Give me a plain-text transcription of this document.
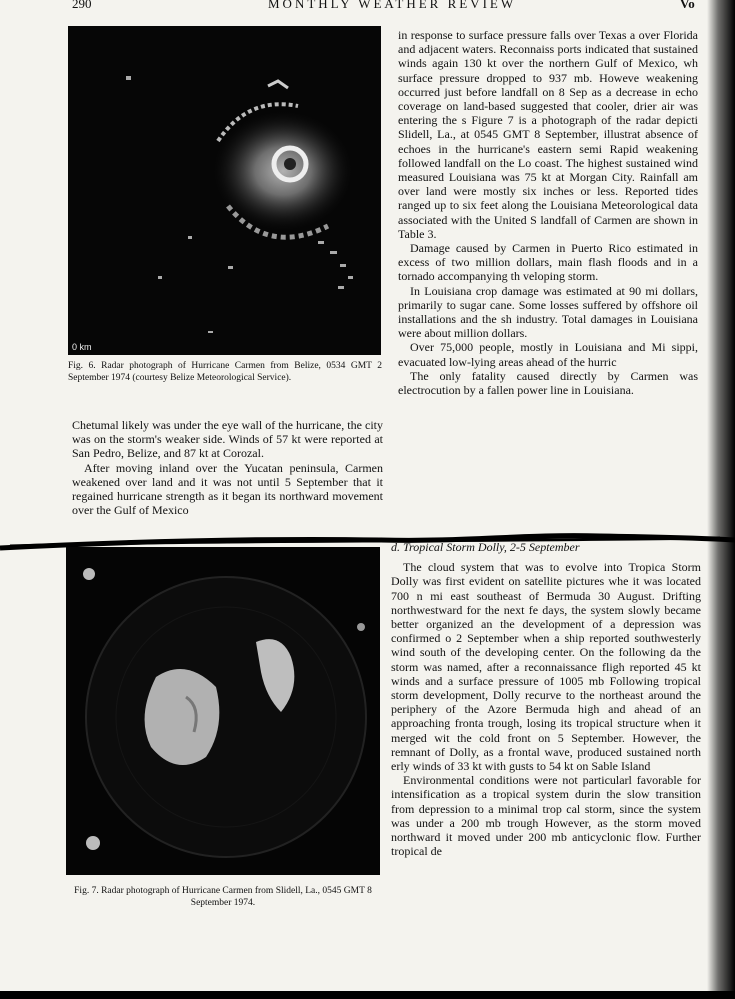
290	MONTHLY WEATHER REVIEW	Vo
0 km
Fig. 6. Radar photograph of Hurricane Carmen from Belize, 0534 GMT 2 September 1974 (courtesy Belize Meteorological Service).

Chetumal likely was under the eye wall of the hurricane, the city was on the storm's weaker side. Winds of 57 kt were reported at San Pedro, Belize, and 87 kt at Corozal.

After moving inland over the Yucatan peninsula, Carmen weakened over land and it was not until 5 September that it regained hurricane strength as it began its northward movement over the Gulf of Mexico

in response to surface pressure falls over Texas a over Florida and adjacent waters. Reconnaiss ports indicated that sustained winds again 130 kt over the northern Gulf of Mexico, wh surface pressure dropped to 937 mb. Howeve weakening occurred just before landfall on 8 Sep as a decrease in echo coverage on land-based suggested that cooler, drier air was entering the s Figure 7 is a photograph of the radar depicti Slidell, La., at 0545 GMT 8 September, illustrat absence of echoes in the hurricane's eastern semi Rapid weakening followed landfall on the Lo coast. The highest sustained wind measured Louisiana was 75 kt at Morgan City. Rainfall am over land were mostly six inches or less. Reported tides ranged up to six feet along the Louisiana Meteorological data associated with the United S landfall of Carmen are shown in Table 3.

Damage caused by Carmen in Puerto Rico estimated in excess of two million dollars, main flash floods and in a tornado accompanying th veloping storm.

In Louisiana crop damage was estimated at 90 mi dollars, primarily to sugar cane. Some losses suffered by offshore oil installations and the sh industry. Total damages in Louisiana were about million dollars.

Over 75,000 people, mostly in Louisiana and Mi sippi, evacuated low-lying areas ahead of the hurric

The only fatality caused directly by Carmen was electrocution by a fallen power line in Louisiana.

Fig. 7. Radar photograph of Hurricane Carmen from Slidell, La., 0545 GMT 8 September 1974.
d. Tropical Storm Dolly, 2-5 September

The cloud system that was to evolve into Tropica Storm Dolly was first evident on satellite pictures whe it was located 700 n mi east southeast of Bermuda 30 August. Drifting northwestward for the next fe days, the system slowly became better organized an the development of a depression was confirmed o 2 September when a ship reported southwesterly wind south of the developing center. On the following da the storm was named, after a reconnaissance fligh reported 45 kt winds and a surface pressure of 1005 mb Following tropical storm development, Dolly recurve to the northeast around the periphery of the Azore Bermuda high and ahead of an approaching fronta trough, losing its tropical structure when it merged wit the cold front on 5 September. However, the remnant of Dolly, as a frontal wave, produced sustained north erly winds of 33 kt with gusts to 54 kt on Sable Island

Environmental conditions were not particularl favorable for intensification as a tropical system durin the slow transition from depression to a minimal trop cal storm, since the system was under a 200 mb trough However, as the storm moved northward it moved under 200 mb anticyclonic flow. Further tropical de
